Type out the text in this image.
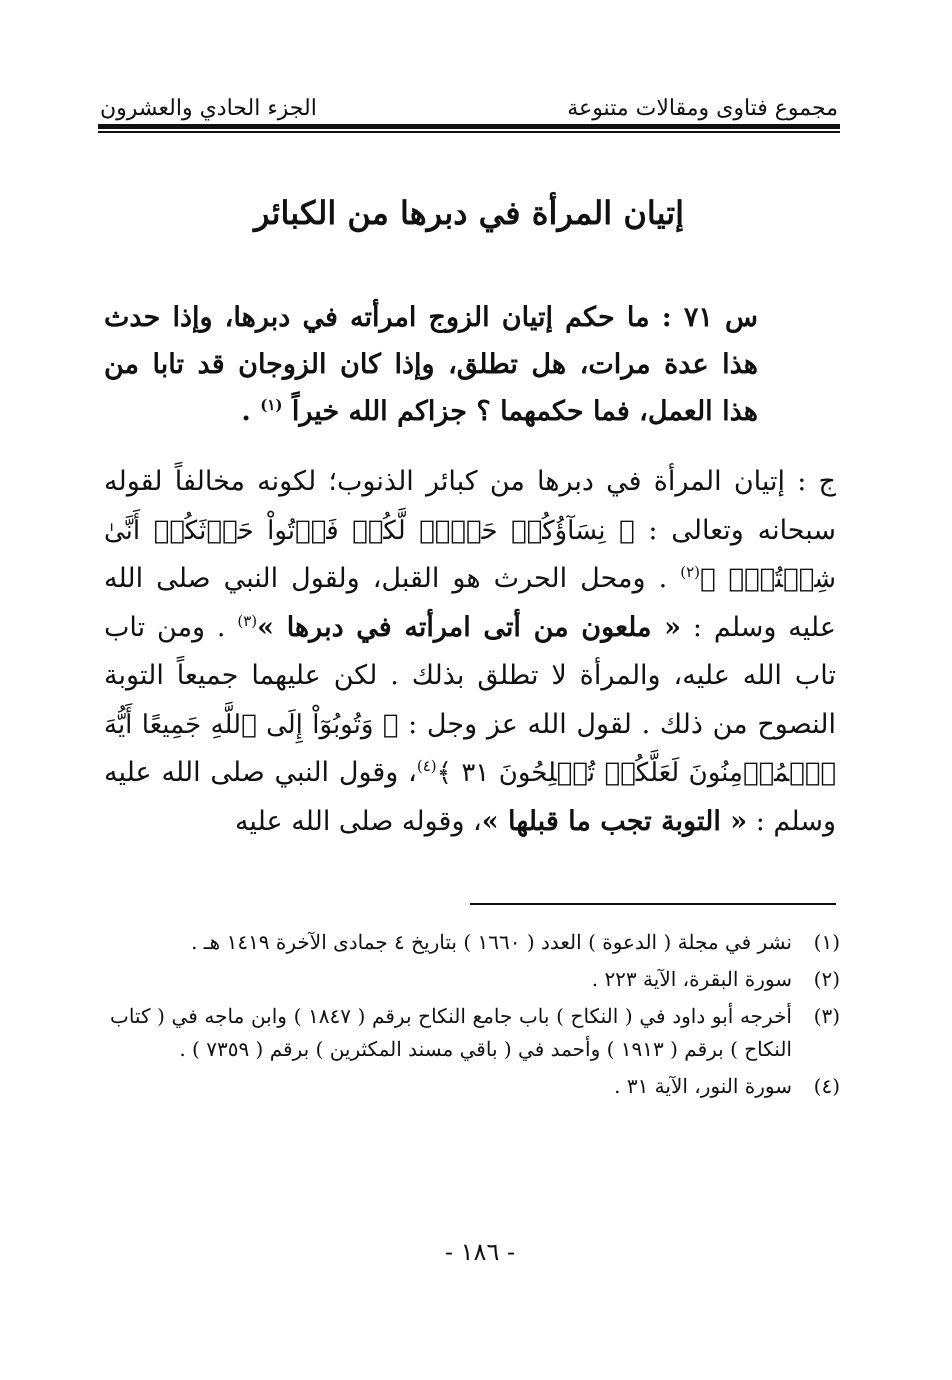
مجموع فتاوى ومقالات متنوعة
الجزء الحادي والعشرون
إتيان المرأة في دبرها من الكبائر
س ٧١ : ما حكم إتيان الزوج امرأته في دبرها، وإذا حدث هذا عدة مرات، هل تطلق، وإذا كان الزوجان قد تابا من هذا العمل، فما حكمهما ؟ جزاكم الله خيراً $^{(١)}$ .
ج : إتيان المرأة في دبرها من كبائر الذنوب؛ لكونه مخالفاً لقوله سبحانه وتعالى : ﴿ نِسَآؤُكُمۡ حَرۡثٞ لَّكُمۡ فَأۡتُواْ حَرۡثَكُمۡ أَنَّىٰ شِئۡتُمۡۖ ﴾$^{(٢)}$ . ومحل الحرث هو القبل، ولقول النبي صلى الله عليه وسلم : « ملعون من أتى امرأته في دبرها »$^{(٣)}$ . ومن تاب تاب الله عليه، والمرأة لا تطلق بذلك . لكن عليهما جميعاً التوبة النصوح من ذلك . لقول الله عز وجل : ﴿ وَتُوبُوٓاْ إِلَى ٱللَّهِ جَمِيعًا أَيُّهَ ٱلۡمُؤۡمِنُونَ لَعَلَّكُمۡ تُفۡلِحُونَ ٣١ ﴾$^{(٤)}$، وقول النبي صلى الله عليه وسلم : « التوبة تجب ما قبلها »، وقوله صلى الله عليه
(١)
نشر في مجلة ( الدعوة ) العدد ( ١٦٦٠ ) بتاريخ ٤ جمادى الآخرة ١٤١٩ هـ .
(٢)
سورة البقرة، الآية ٢٢٣ .
(٣)
أخرجه أبو داود في ( النكاح ) باب جامع النكاح برقم ( ١٨٤٧ ) وابن ماجه في ( كتاب النكاح ) برقم ( ١٩١٣ ) وأحمد في ( باقي مسند المكثرين ) برقم ( ٧٣٥٩ ) .
(٤)
سورة النور، الآية ٣١ .
- ١٨٦ -
